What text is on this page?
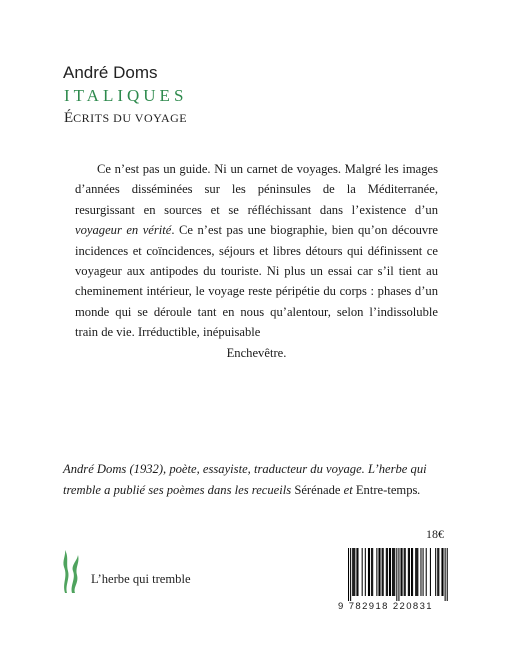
André Doms
ITALIQUES
ÉCRITS DU VOYAGE

Ce n’est pas un guide. Ni un carnet de voyages. Malgré les images d’années disséminées sur les péninsules de la Méditerranée, resurgissant en sources et se réfléchissant dans l’existence d’un voyageur en vérité. Ce n’est pas une biographie, bien qu’on découvre incidences et coïncidences, séjours et libres détours qui définissent ce voyageur aux antipodes du touriste. Ni plus un essai car s’il tient au cheminement intérieur, le voyage reste péripétie du corps : phases d’un monde qui se déroule tant en nous qu’alentour, selon l’indissoluble train de vie. Irréductible, inépuisable
Enchevêtre.

André Doms (1932), poète, essayiste, traducteur du voyage. L’herbe qui tremble a publié ses poèmes dans les recueils Sérénade et Entre-temps.

18€
L’herbe qui tremble
9 782918 220831
